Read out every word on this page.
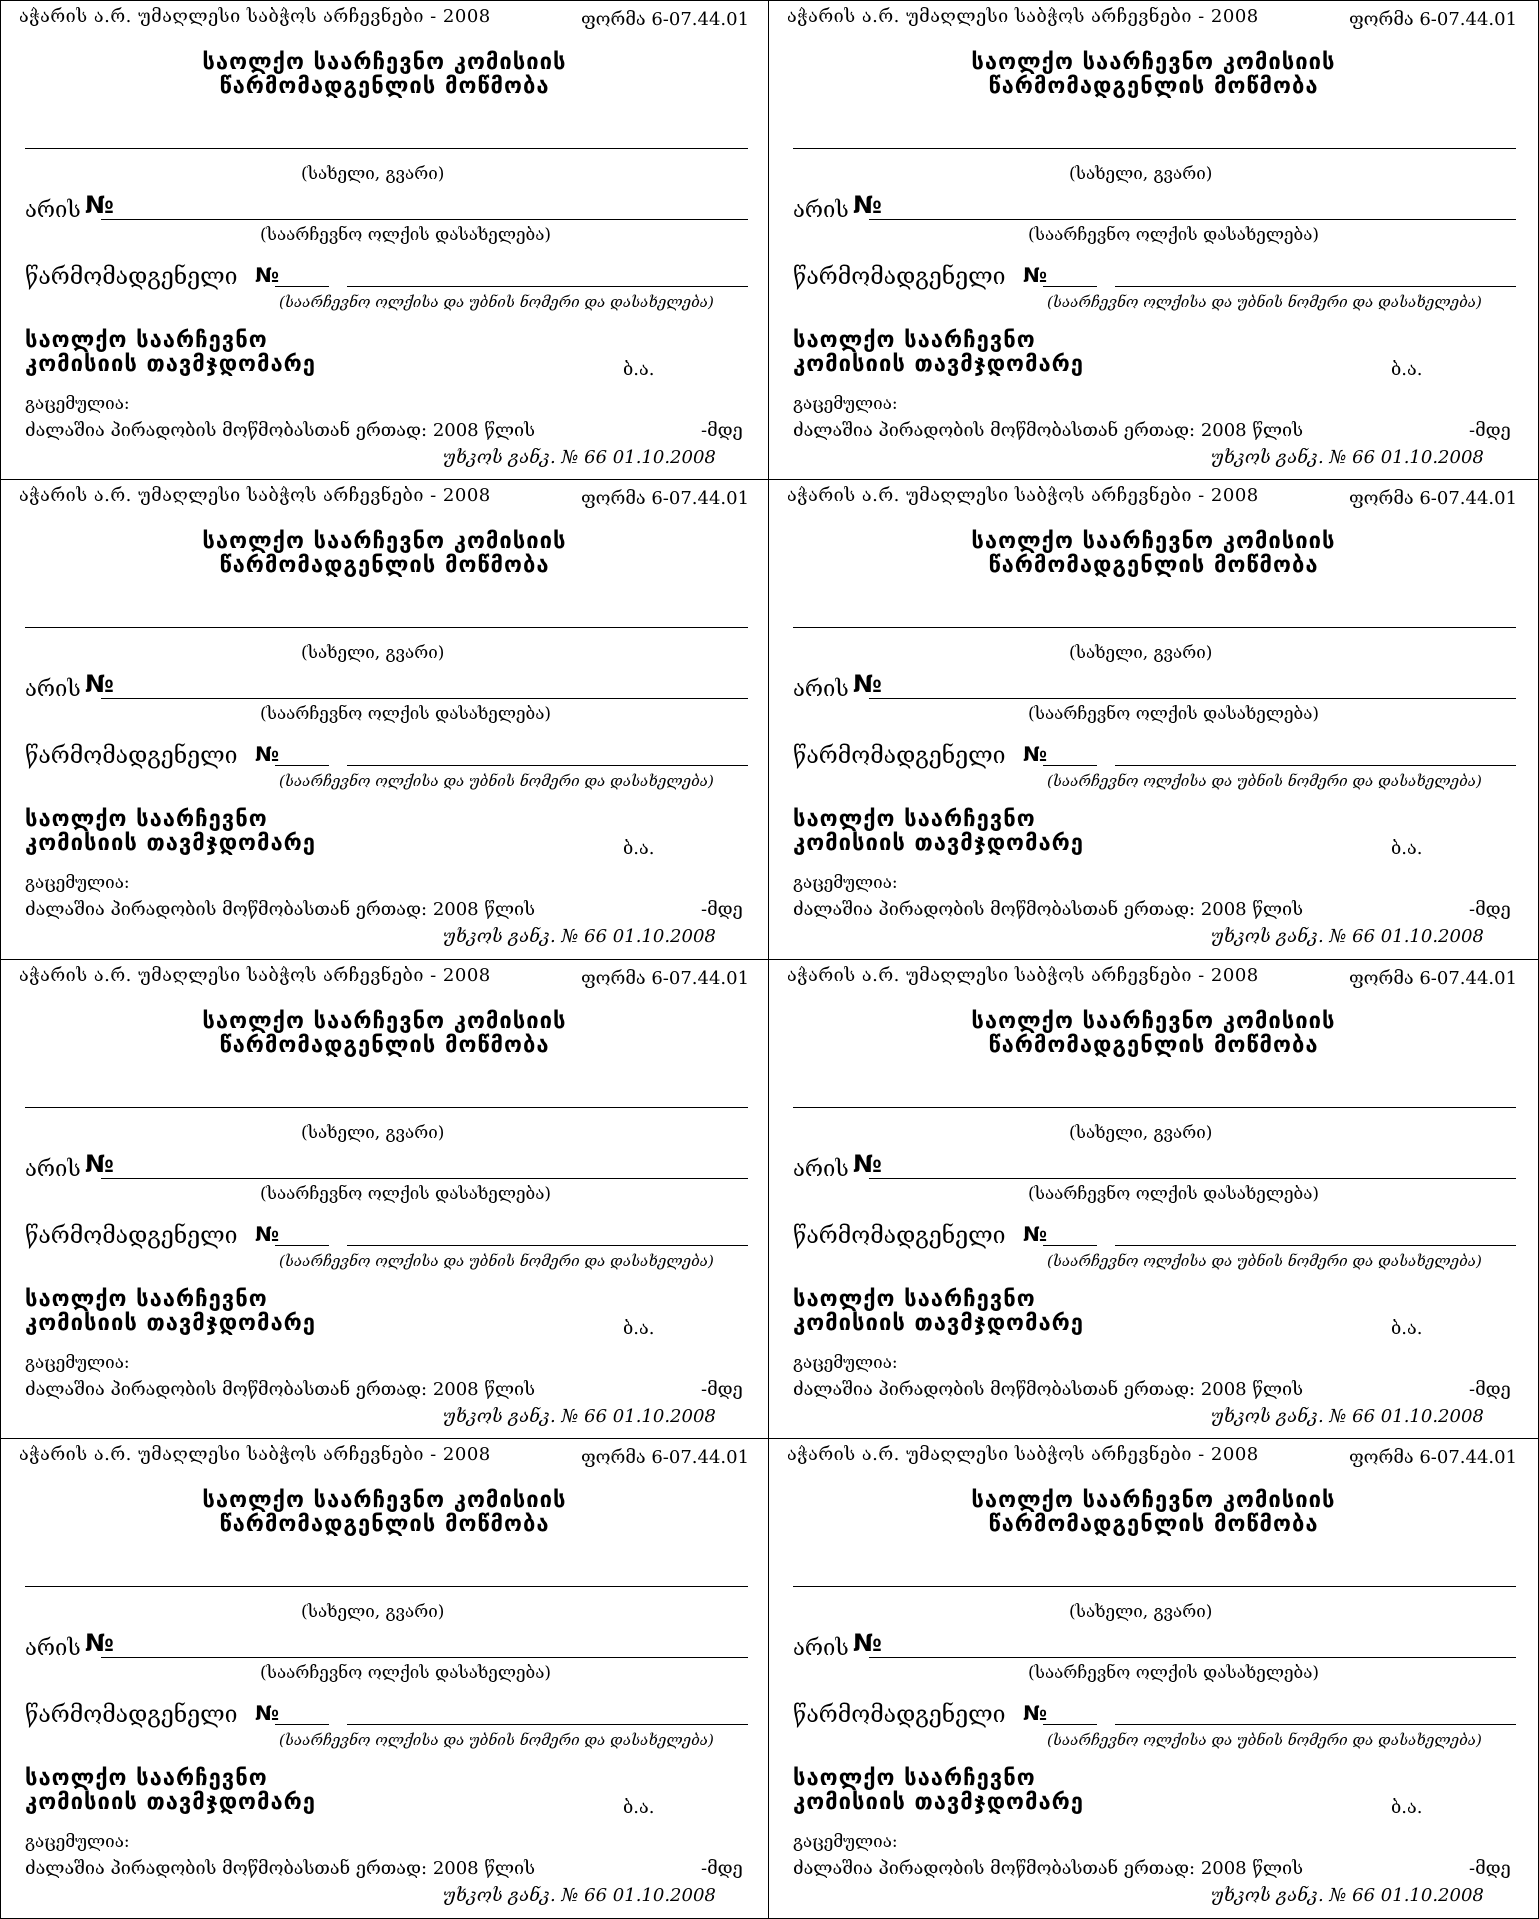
აჭარის ა.რ. უმაღლესი საბჭოს არჩევნები - 2008	ფორმა 6-07.44.01
საოლქო საარჩევნო კომისიის
წარმომადგენლის მოწმობა
(სახელი, გვარი)
არის №
(საარჩევნო ოლქის დასახელება)
წარმომადგენელი №
(საარჩევნო ოლქისა და უბნის ნომერი და დასახელება)
საოლქო საარჩევნო
კომისიის თავმჯდომარე	ბ.ა.
გაცემულია:
ძალაშია პირადობის მოწმობასთან ერთად: 2008 წლის	-მდე
უხკოს განკ. № 66 01.10.2008
აჭარის ა.რ. უმაღლესი საბჭოს არჩევნები - 2008	ფორმა 6-07.44.01
საოლქო საარჩევნო კომისიის
წარმომადგენლის მოწმობა
(სახელი, გვარი)
არის №
(საარჩევნო ოლქის დასახელება)
წარმომადგენელი №
(საარჩევნო ოლქისა და უბნის ნომერი და დასახელება)
საოლქო საარჩევნო
კომისიის თავმჯდომარე	ბ.ა.
გაცემულია:
ძალაშია პირადობის მოწმობასთან ერთად: 2008 წლის	-მდე
უხკოს განკ. № 66 01.10.2008
აჭარის ა.რ. უმაღლესი საბჭოს არჩევნები - 2008	ფორმა 6-07.44.01
საოლქო საარჩევნო კომისიის
წარმომადგენლის მოწმობა
(სახელი, გვარი)
არის №
(საარჩევნო ოლქის დასახელება)
წარმომადგენელი №
(საარჩევნო ოლქისა და უბნის ნომერი და დასახელება)
საოლქო საარჩევნო
კომისიის თავმჯდომარე	ბ.ა.
გაცემულია:
ძალაშია პირადობის მოწმობასთან ერთად: 2008 წლის	-მდე
უხკოს განკ. № 66 01.10.2008
აჭარის ა.რ. უმაღლესი საბჭოს არჩევნები - 2008	ფორმა 6-07.44.01
საოლქო საარჩევნო კომისიის
წარმომადგენლის მოწმობა
(სახელი, გვარი)
არის №
(საარჩევნო ოლქის დასახელება)
წარმომადგენელი №
(საარჩევნო ოლქისა და უბნის ნომერი და დასახელება)
საოლქო საარჩევნო
კომისიის თავმჯდომარე	ბ.ა.
გაცემულია:
ძალაშია პირადობის მოწმობასთან ერთად: 2008 წლის	-მდე
უხკოს განკ. № 66 01.10.2008
აჭარის ა.რ. უმაღლესი საბჭოს არჩევნები - 2008	ფორმა 6-07.44.01
საოლქო საარჩევნო კომისიის
წარმომადგენლის მოწმობა
(სახელი, გვარი)
არის №
(საარჩევნო ოლქის დასახელება)
წარმომადგენელი №
(საარჩევნო ოლქისა და უბნის ნომერი და დასახელება)
საოლქო საარჩევნო
კომისიის თავმჯდომარე	ბ.ა.
გაცემულია:
ძალაშია პირადობის მოწმობასთან ერთად: 2008 წლის	-მდე
უხკოს განკ. № 66 01.10.2008
აჭარის ა.რ. უმაღლესი საბჭოს არჩევნები - 2008	ფორმა 6-07.44.01
საოლქო საარჩევნო კომისიის
წარმომადგენლის მოწმობა
(სახელი, გვარი)
არის №
(საარჩევნო ოლქის დასახელება)
წარმომადგენელი №
(საარჩევნო ოლქისა და უბნის ნომერი და დასახელება)
საოლქო საარჩევნო
კომისიის თავმჯდომარე	ბ.ა.
გაცემულია:
ძალაშია პირადობის მოწმობასთან ერთად: 2008 წლის	-მდე
უხკოს განკ. № 66 01.10.2008
აჭარის ა.რ. უმაღლესი საბჭოს არჩევნები - 2008	ფორმა 6-07.44.01
საოლქო საარჩევნო კომისიის
წარმომადგენლის მოწმობა
(სახელი, გვარი)
არის №
(საარჩევნო ოლქის დასახელება)
წარმომადგენელი №
(საარჩევნო ოლქისა და უბნის ნომერი და დასახელება)
საოლქო საარჩევნო
კომისიის თავმჯდომარე	ბ.ა.
გაცემულია:
ძალაშია პირადობის მოწმობასთან ერთად: 2008 წლის	-მდე
უხკოს განკ. № 66 01.10.2008
აჭარის ა.რ. უმაღლესი საბჭოს არჩევნები - 2008	ფორმა 6-07.44.01
საოლქო საარჩევნო კომისიის
წარმომადგენლის მოწმობა
(სახელი, გვარი)
არის №
(საარჩევნო ოლქის დასახელება)
წარმომადგენელი №
(საარჩევნო ოლქისა და უბნის ნომერი და დასახელება)
საოლქო საარჩევნო
კომისიის თავმჯდომარე	ბ.ა.
გაცემულია:
ძალაშია პირადობის მოწმობასთან ერთად: 2008 წლის	-მდე
უხკოს განკ. № 66 01.10.2008
